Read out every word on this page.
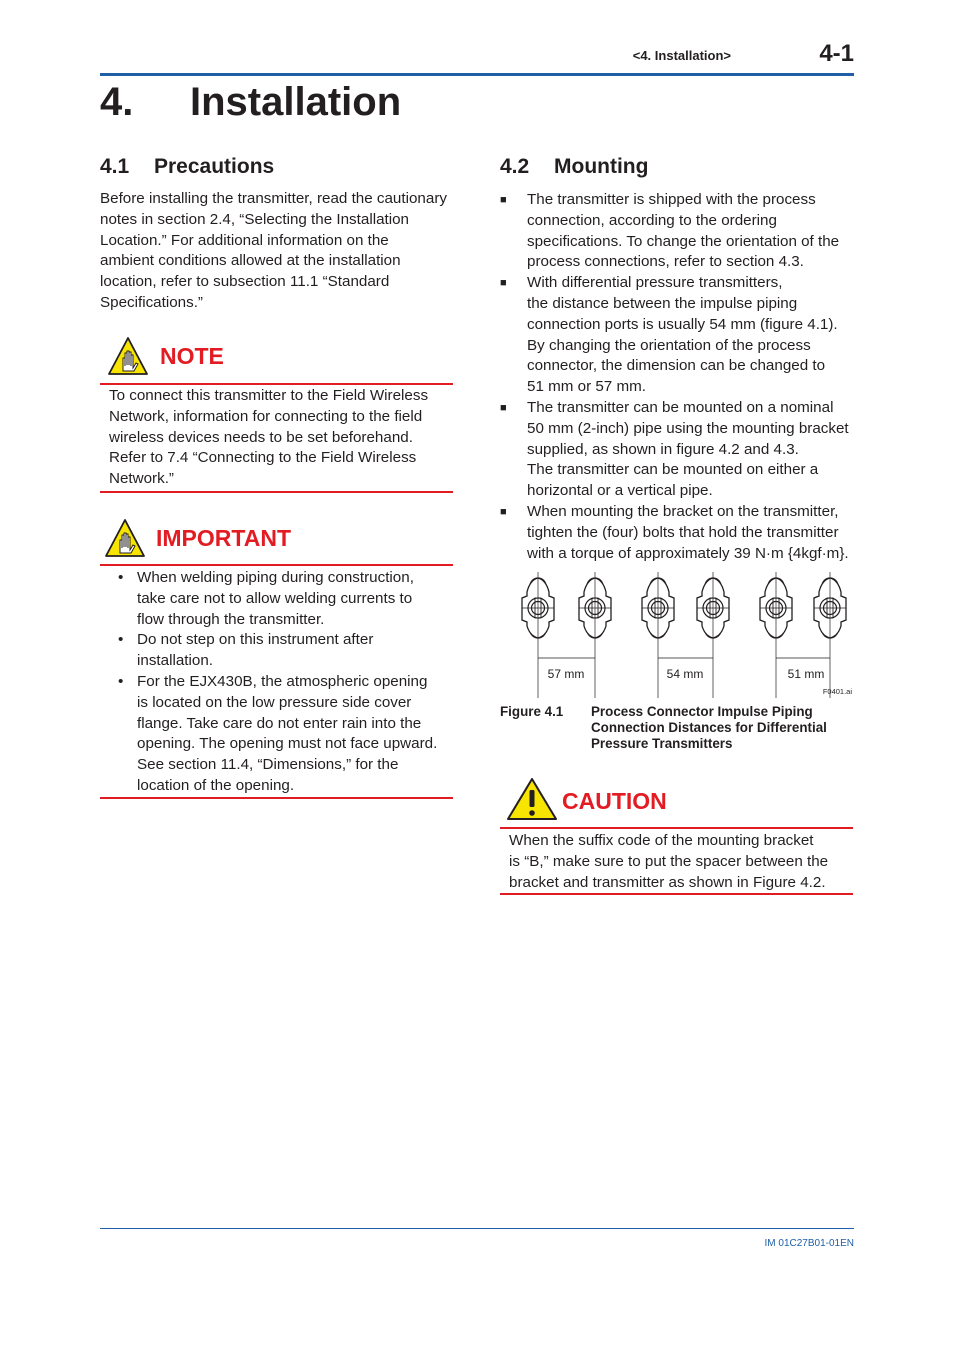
<4. Installation>	4-1
4. Installation
4.1 Precautions
Before installing the transmitter, read the cautionary
notes in section 2.4, “Selecting the Installation
Location.” For additional information on the
ambient conditions allowed at the installation
location, refer to subsection 11.1 “Standard
Specifications.”
NOTE
To connect this transmitter to the Field Wireless
Network, information for connecting to the field
wireless devices needs to be set beforehand.
Refer to 7.4 “Connecting to the Field Wireless
Network.”
IMPORTANT
• When welding piping during construction,
take care not to allow welding currents to
flow through the transmitter.
• Do not step on this instrument after
installation.
• For the EJX430B, the atmospheric opening
is located on the low pressure side cover
flange. Take care do not enter rain into the
opening. The opening must not face upward.
See section 11.4, “Dimensions,” for the
location of the opening.
4.2 Mounting
■ The transmitter is shipped with the process
connection, according to the ordering
specifications. To change the orientation of the
process connections, refer to section 4.3.
■ With differential pressure transmitters,
the distance between the impulse piping
connection ports is usually 54 mm (figure 4.1).
By changing the orientation of the process
connector, the dimension can be changed to
51 mm or 57 mm.
■ The transmitter can be mounted on a nominal
50 mm (2-inch) pipe using the mounting bracket
supplied, as shown in figure 4.2 and 4.3.
The transmitter can be mounted on either a
horizontal or a vertical pipe.
■ When mounting the bracket on the transmitter,
tighten the (four) bolts that hold the transmitter
with a torque of approximately 39 N·m {4kgf·m}.
57 mm	54 mm	51 mm
F0401.ai
Figure 4.1 Process Connector Impulse Piping
Connection Distances for Differential
Pressure Transmitters
CAUTION
When the suffix code of the mounting bracket
is “B,” make sure to put the spacer between the
bracket and transmitter as shown in Figure 4.2.
IM 01C27B01-01EN
